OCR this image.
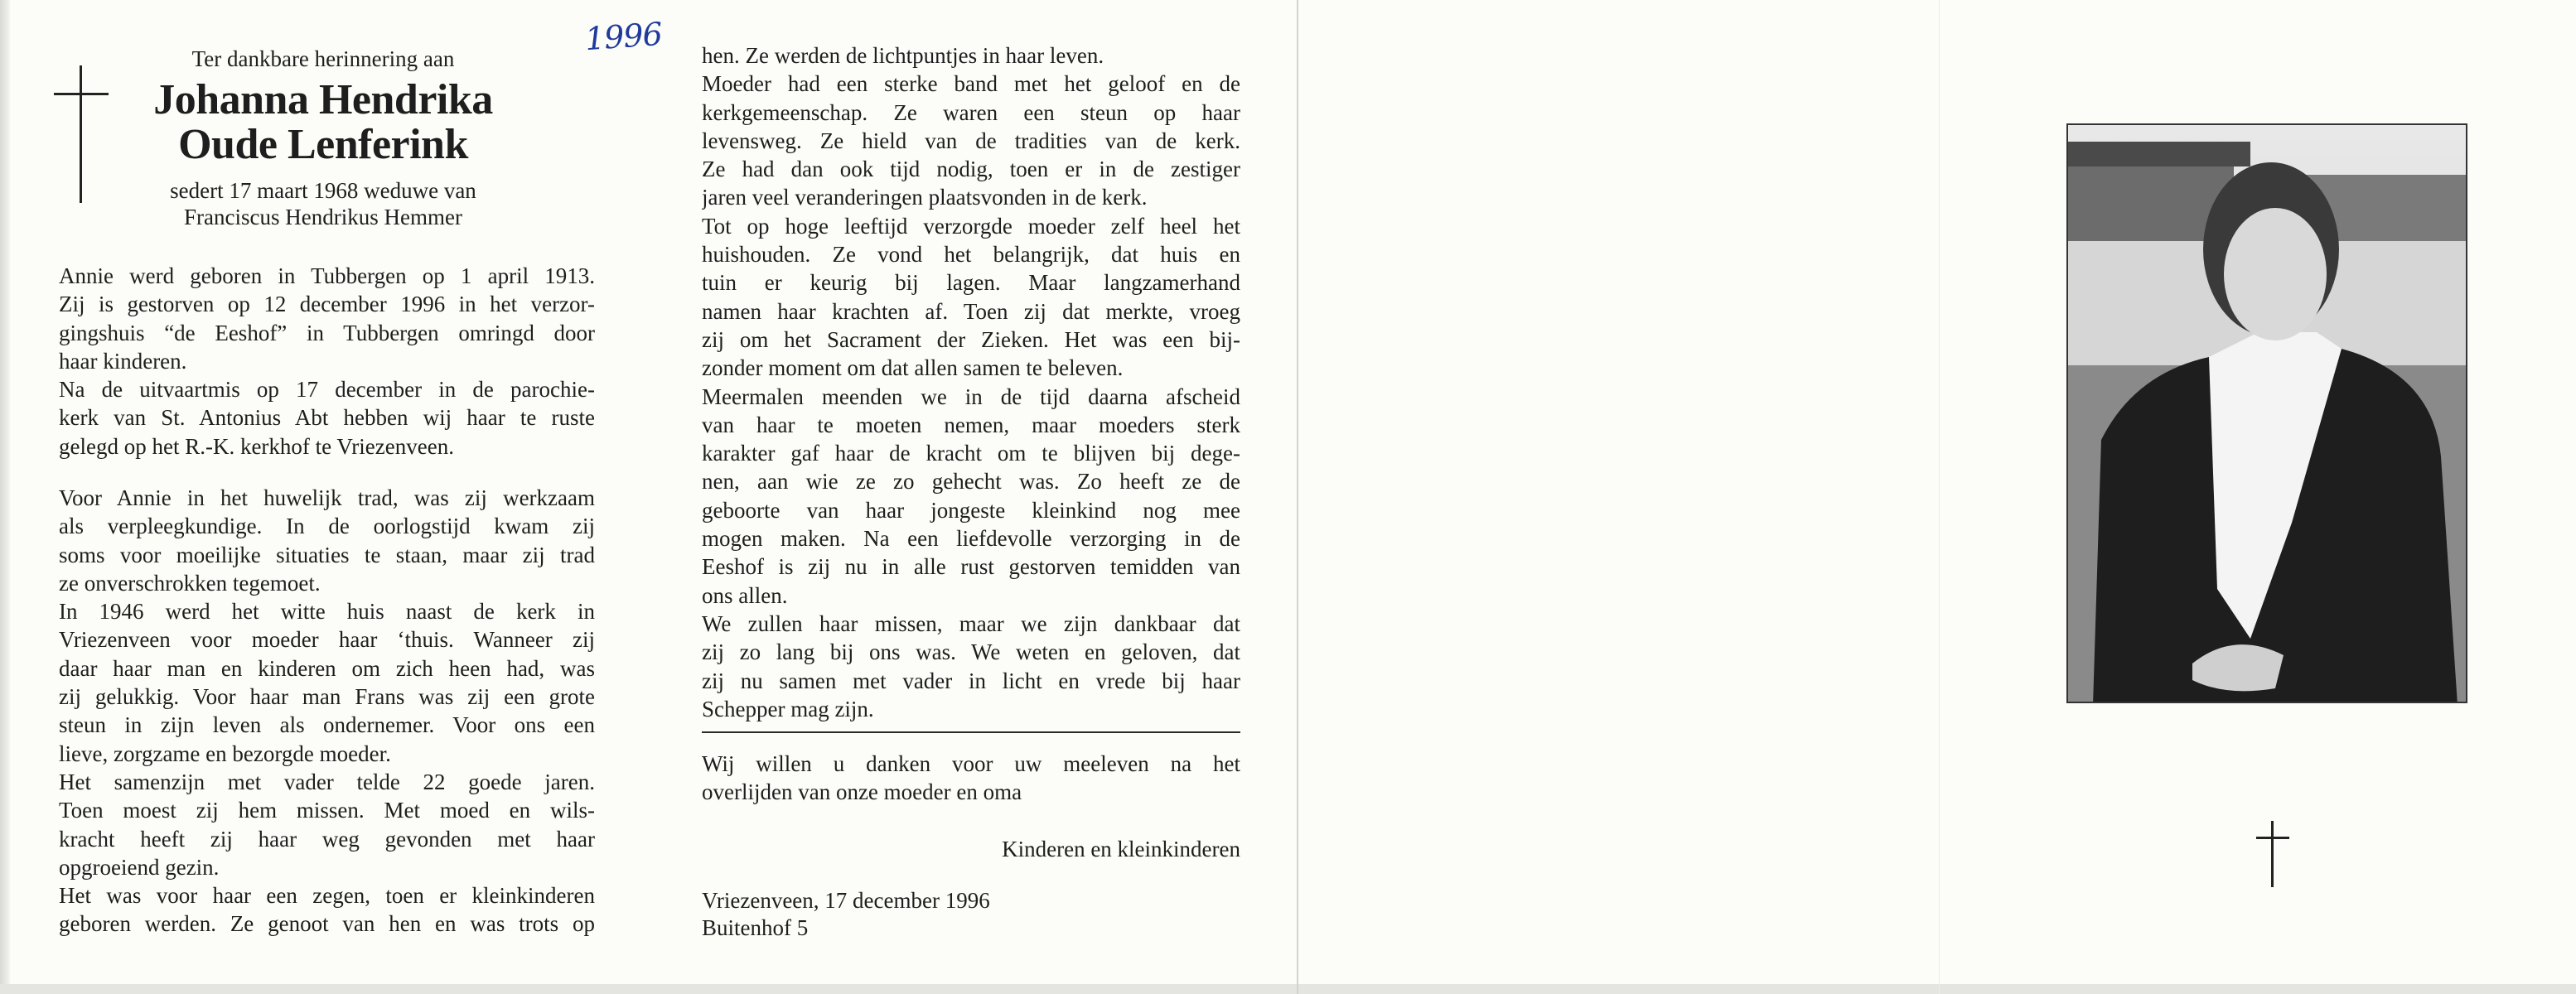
1996
Ter dankbare herinnering aan
Johanna Hendrika
Oude Lenferink
sedert 17 maart 1968 weduwe van
Franciscus Hendrikus Hemmer
Annie werd geboren in Tubbergen op 1 april 1913.
Zij is gestorven op 12 december 1996 in het verzor-
gingshuis “de Eeshof” in Tubbergen omringd door
haar kinderen.
Na de uitvaartmis op 17 december in de parochie-
kerk van St. Antonius Abt hebben wij haar te ruste
gelegd op het R.-K. kerkhof te Vriezenveen.
Voor Annie in het huwelijk trad, was zij werkzaam
als verpleegkundige. In de oorlogstijd kwam zij
soms voor moeilijke situaties te staan, maar zij trad
ze onverschrokken tegemoet.
In 1946 werd het witte huis naast de kerk in
Vriezenveen voor moeder haar ‘thuis. Wanneer zij
daar haar man en kinderen om zich heen had, was
zij gelukkig. Voor haar man Frans was zij een grote
steun in zijn leven als ondernemer. Voor ons een
lieve, zorgzame en bezorgde moeder.
Het samenzijn met vader telde 22 goede jaren.
Toen moest zij hem missen. Met moed en wils-
kracht heeft zij haar weg gevonden met haar
opgroeiend gezin.
Het was voor haar een zegen, toen er kleinkinderen
geboren werden. Ze genoot van hen en was trots op
hen. Ze werden de lichtpuntjes in haar leven.
Moeder had een sterke band met het geloof en de
kerkgemeenschap. Ze waren een steun op haar
levensweg. Ze hield van de tradities van de kerk.
Ze had dan ook tijd nodig, toen er in de zestiger
jaren veel veranderingen plaatsvonden in de kerk.
Tot op hoge leeftijd verzorgde moeder zelf heel het
huishouden. Ze vond het belangrijk, dat huis en
tuin er keurig bij lagen. Maar langzamerhand
namen haar krachten af. Toen zij dat merkte, vroeg
zij om het Sacrament der Zieken. Het was een bij-
zonder moment om dat allen samen te beleven.
Meermalen meenden we in de tijd daarna afscheid
van haar te moeten nemen, maar moeders sterk
karakter gaf haar de kracht om te blijven bij dege-
nen, aan wie ze zo gehecht was. Zo heeft ze de
geboorte van haar jongeste kleinkind nog mee
mogen maken. Na een liefdevolle verzorging in de
Eeshof is zij nu in alle rust gestorven temidden van
ons allen.
We zullen haar missen, maar we zijn dankbaar dat
zij zo lang bij ons was. We weten en geloven, dat
zij nu samen met vader in licht en vrede bij haar
Schepper mag zijn.
Wij willen u danken voor uw meeleven na het
overlijden van onze moeder en oma
Kinderen en kleinkinderen
Vriezenveen, 17 december 1996
Buitenhof 5
